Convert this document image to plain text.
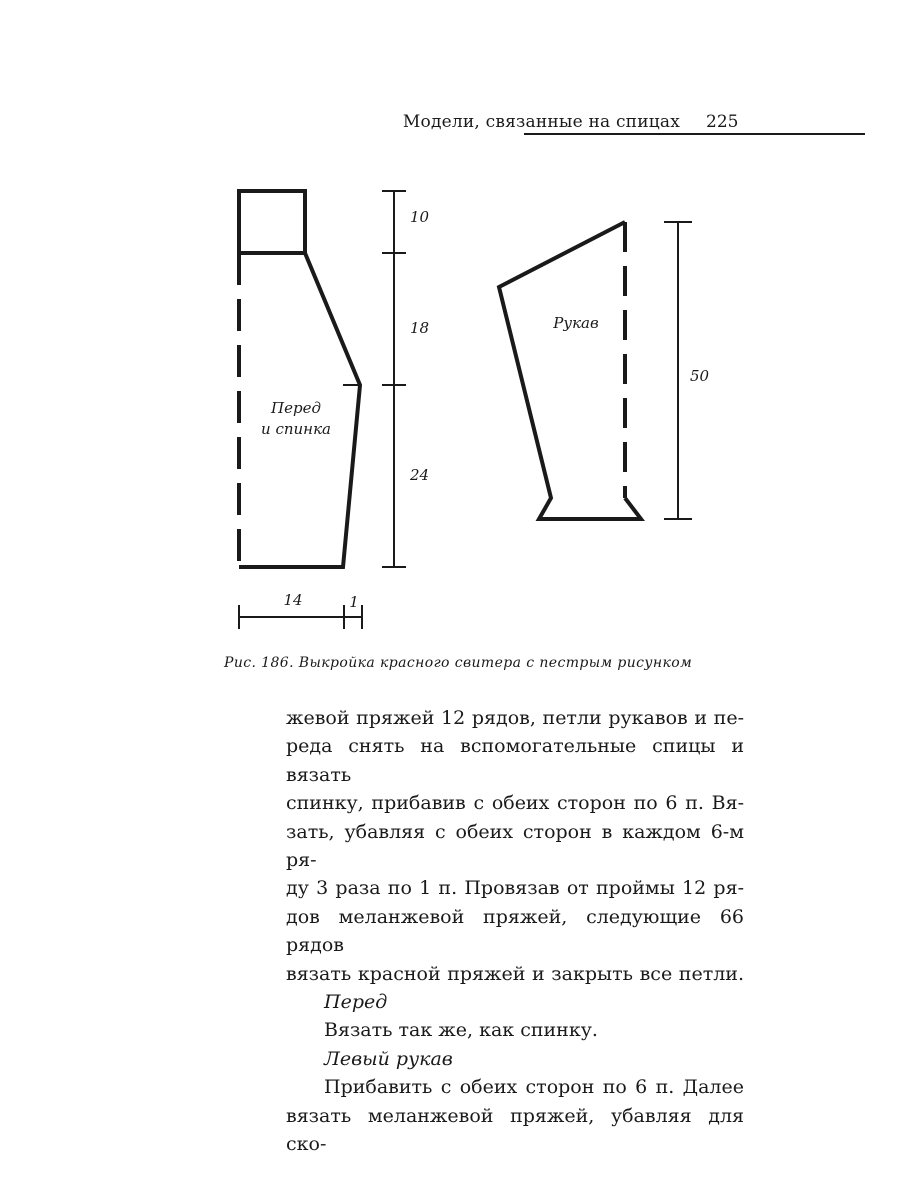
Модели, связанные на спицах 225
Перед
и спинка
10
18
24
14	1
Рукав
50
Рис. 186. Выкройка красного свитера с пестрым рисунком

жевой пряжей 12 рядов, петли рукавов и пе-

реда снять на вспомогательные спицы и вязать

спинку, прибавив с обеих сторон по 6 п. Вя-

зать, убавляя с обеих сторон в каждом 6-м ря-

ду 3 раза по 1 п. Провязав от проймы 12 ря-

дов меланжевой пряжей, следующие 66 рядов

вязать красной пряжей и закрыть все петли.

Перед

Вязать так же, как спинку.

Левый рукав

Прибавить с обеих сторон по 6 п. Далее

вязать меланжевой пряжей, убавляя для ско-
